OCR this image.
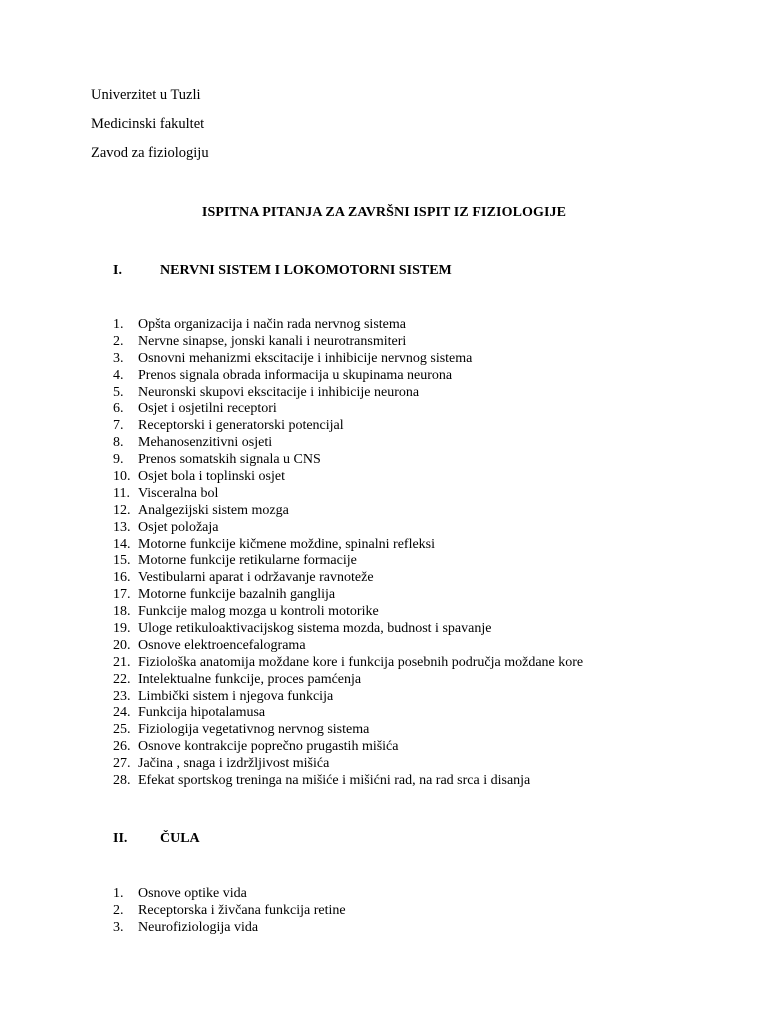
Univerzitet u Tuzli
Medicinski fakultet
Zavod za fiziologiju
ISPITNA PITANJA ZA ZAVRŠNI ISPIT IZ FIZIOLOGIJE
I.	NERVNI SISTEM I LOKOMOTORNI SISTEM
1. Opšta organizacija i način rada nervnog sistema
2. Nervne sinapse, jonski kanali i neurotransmiteri
3. Osnovni mehanizmi ekscitacije i inhibicije nervnog sistema
4. Prenos signala obrada informacija u skupinama neurona
5. Neuronski skupovi ekscitacije i inhibicije neurona
6. Osjet i osjetilni receptori
7. Receptorski i generatorski potencijal
8. Mehanosenzitivni osjeti
9. Prenos somatskih signala u CNS
10. Osjet bola i toplinski osjet
11. Visceralna bol
12. Analgezijski sistem mozga
13. Osjet položaja
14. Motorne funkcije kičmene moždine, spinalni refleksi
15. Motorne funkcije retikularne formacije
16. Vestibularni aparat i održavanje ravnoteže
17. Motorne funkcije bazalnih ganglija
18. Funkcije malog mozga u kontroli motorike
19. Uloge retikuloaktivacijskog sistema mozda, budnost i spavanje
20. Osnove elektroencefalograma
21. Fiziološka anatomija moždane kore i funkcija posebnih područja moždane kore
22. Intelektualne funkcije, proces pamćenja
23. Limbički sistem i njegova funkcija
24. Funkcija hipotalamusa
25. Fiziologija vegetativnog nervnog sistema
26. Osnove kontrakcije poprečno prugastih mišića
27. Jačina , snaga i izdržljivost mišića
28. Efekat sportskog treninga na mišiće i mišićni rad, na rad srca i disanja
II. ČULA
1. Osnove optike vida
2. Receptorska i živčana funkcija retine
3. Neurofiziologija vida
